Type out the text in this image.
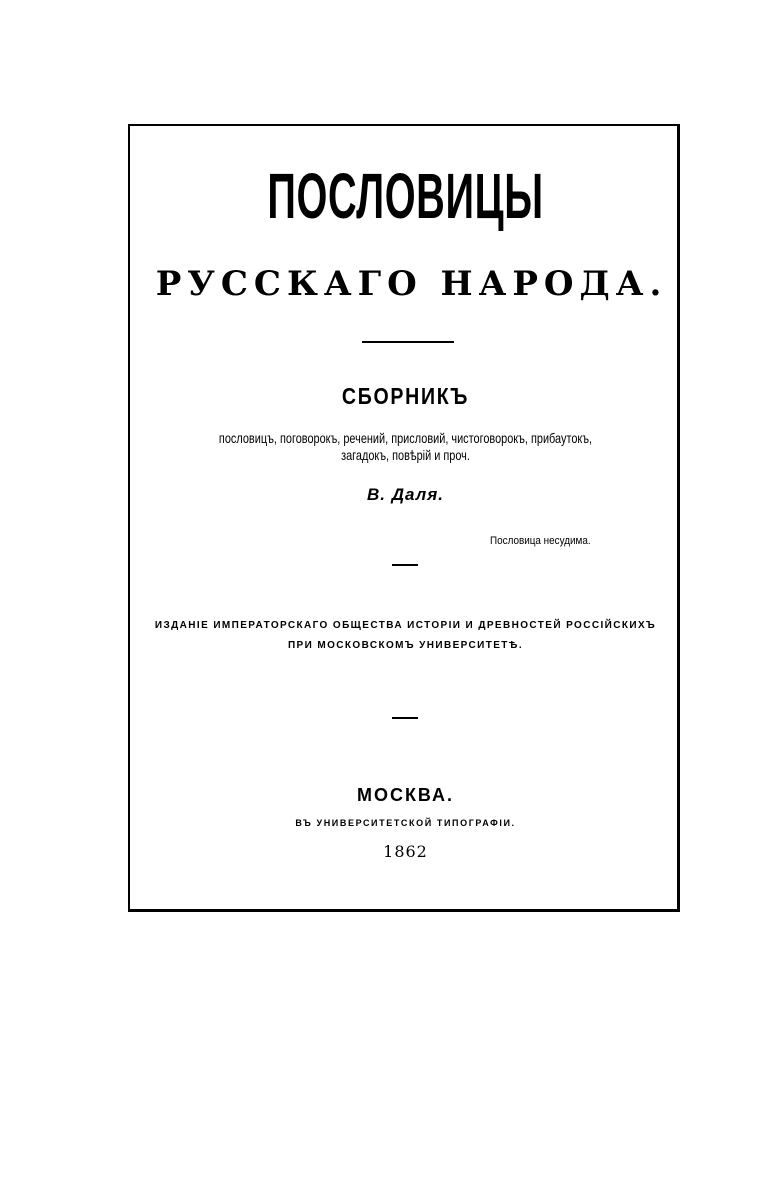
ПОСЛОВИЦЫ
РУССКАГО НАРОДА.
СБОРНИКЪ
пословицъ, поговорокъ, речений, присловий, чистоговорокъ, прибаутокъ,
загадокъ, повѣрiй и проч.
В. Даля.
Пословица несудима.
ИЗДАНIЕ ИМПЕРАТОРСКАГО ОБЩЕСТВА ИСТОРIИ И ДРЕВНОСТЕЙ РОССIЙСКИХЪ
ПРИ МОСКОВСКОМЪ УНИВЕРСИТЕТѢ.
МОСКВА.
ВЪ УНИВЕРСИТЕТСКОЙ ТИПОГРАФIИ.
1862
